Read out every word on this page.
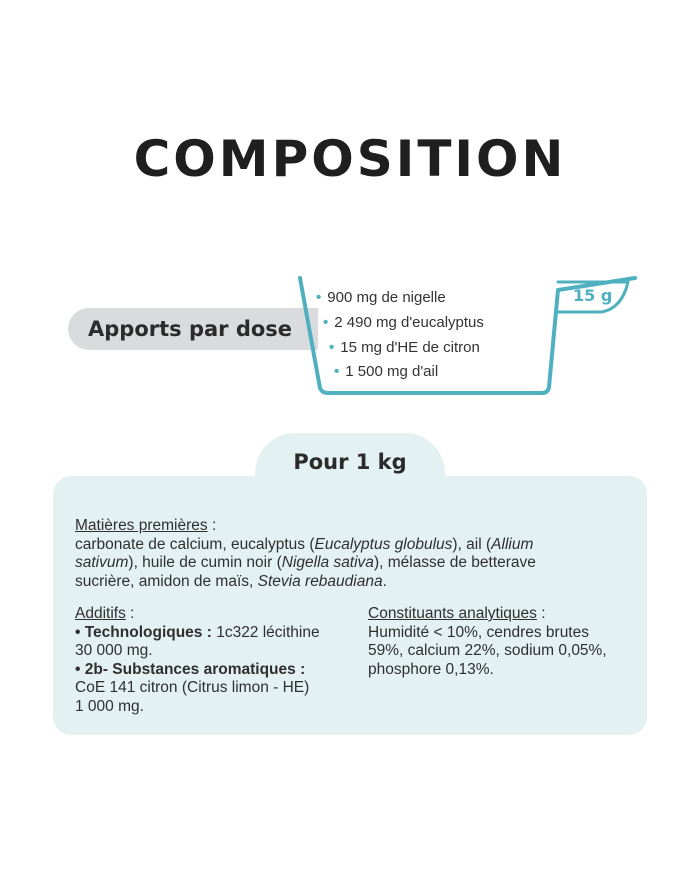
COMPOSITION
Apports par dose
15 g
• 900 mg de nigelle
• 2 490 mg d'eucalyptus
• 15 mg d'HE de citron
• 1 500 mg d'ail
Pour 1 kg
Matières premières :
carbonate de calcium, eucalyptus (Eucalyptus globulus), ail (Allium
sativum), huile de cumin noir (Nigella sativa), mélasse de betterave
sucrière, amidon de maïs, Stevia rebaudiana.
Additifs :
• Technologiques : 1c322 lécithine
30 000 mg.
• 2b- Substances aromatiques :
CoE 141 citron (Citrus limon - HE)
1 000 mg.
Constituants analytiques :
Humidité < 10%, cendres brutes
59%, calcium 22%, sodium 0,05%,
phosphore 0,13%.
